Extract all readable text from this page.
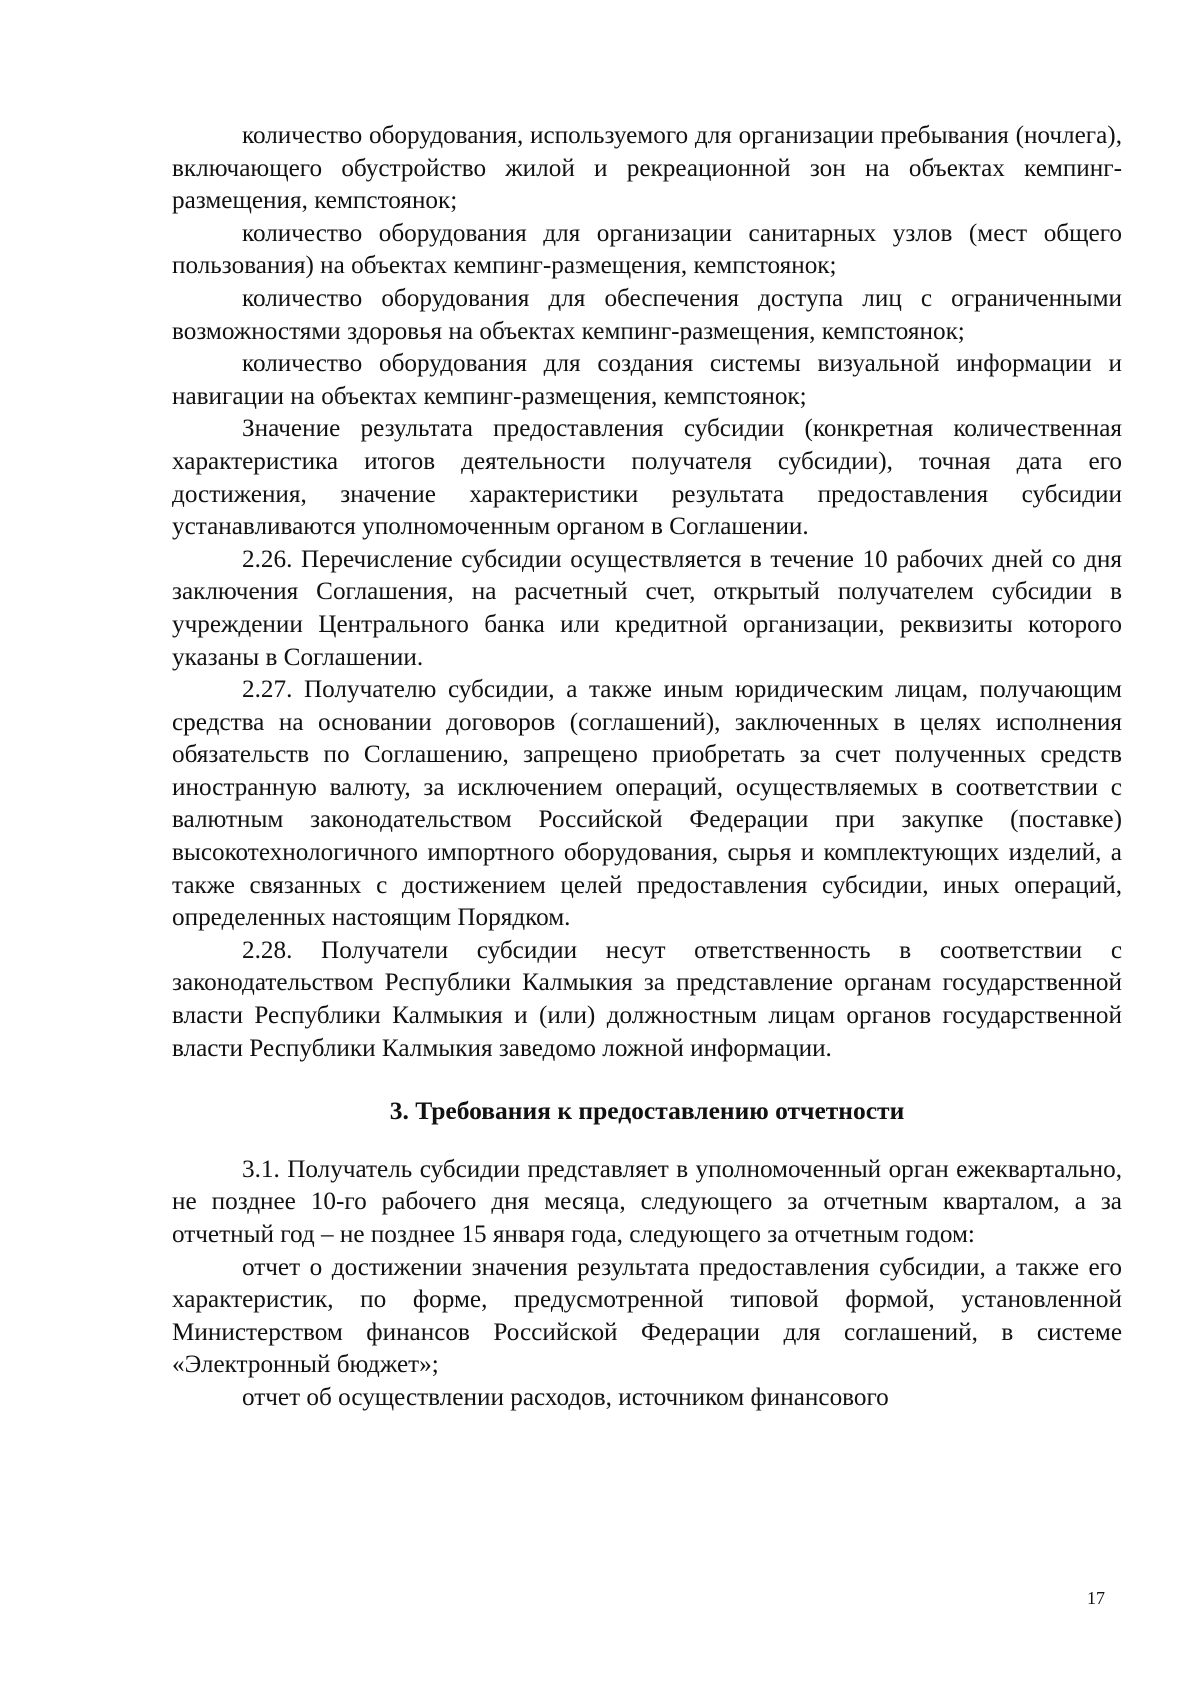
количество оборудования, используемого для организации пребывания (ночлега), включающего обустройство жилой и рекреационной зон на объектах кемпинг-размещения, кемпстоянок;

количество оборудования для организации санитарных узлов (мест общего пользования) на объектах кемпинг-размещения, кемпстоянок;

количество оборудования для обеспечения доступа лиц с ограниченными возможностями здоровья на объектах кемпинг-размещения, кемпстоянок;

количество оборудования для создания системы визуальной информации и навигации на объектах кемпинг-размещения, кемпстоянок;

Значение результата предоставления субсидии (конкретная количественная характеристика итогов деятельности получателя субсидии), точная дата его достижения, значение характеристики результата предоставления субсидии устанавливаются уполномоченным органом в Соглашении.

2.26. Перечисление субсидии осуществляется в течение 10 рабочих дней со дня заключения Соглашения, на расчетный счет, открытый получателем субсидии в учреждении Центрального банка или кредитной организации, реквизиты которого указаны в Соглашении.

2.27. Получателю субсидии, а также иным юридическим лицам, получающим средства на основании договоров (соглашений), заключенных в целях исполнения обязательств по Соглашению, запрещено приобретать за счет полученных средств иностранную валюту, за исключением операций, осуществляемых в соответствии с валютным законодательством Российской Федерации при закупке (поставке) высокотехнологичного импортного оборудования, сырья и комплектующих изделий, а также связанных с достижением целей предоставления субсидии, иных операций, определенных настоящим Порядком.

2.28. Получатели субсидии несут ответственность в соответствии с законодательством Республики Калмыкия за представление органам государственной власти Республики Калмыкия и (или) должностным лицам органов государственной власти Республики Калмыкия заведомо ложной информации.

3. Требования к предоставлению отчетности

3.1. Получатель субсидии представляет в уполномоченный орган ежеквартально, не позднее 10-го рабочего дня месяца, следующего за отчетным кварталом, а за отчетный год – не позднее 15 января года, следующего за отчетным годом:

отчет о достижении значения результата предоставления субсидии, а также его характеристик, по форме, предусмотренной типовой формой, установленной Министерством финансов Российской Федерации для соглашений, в системе «Электронный бюджет»;

отчет об осуществлении расходов, источником финансового

17
